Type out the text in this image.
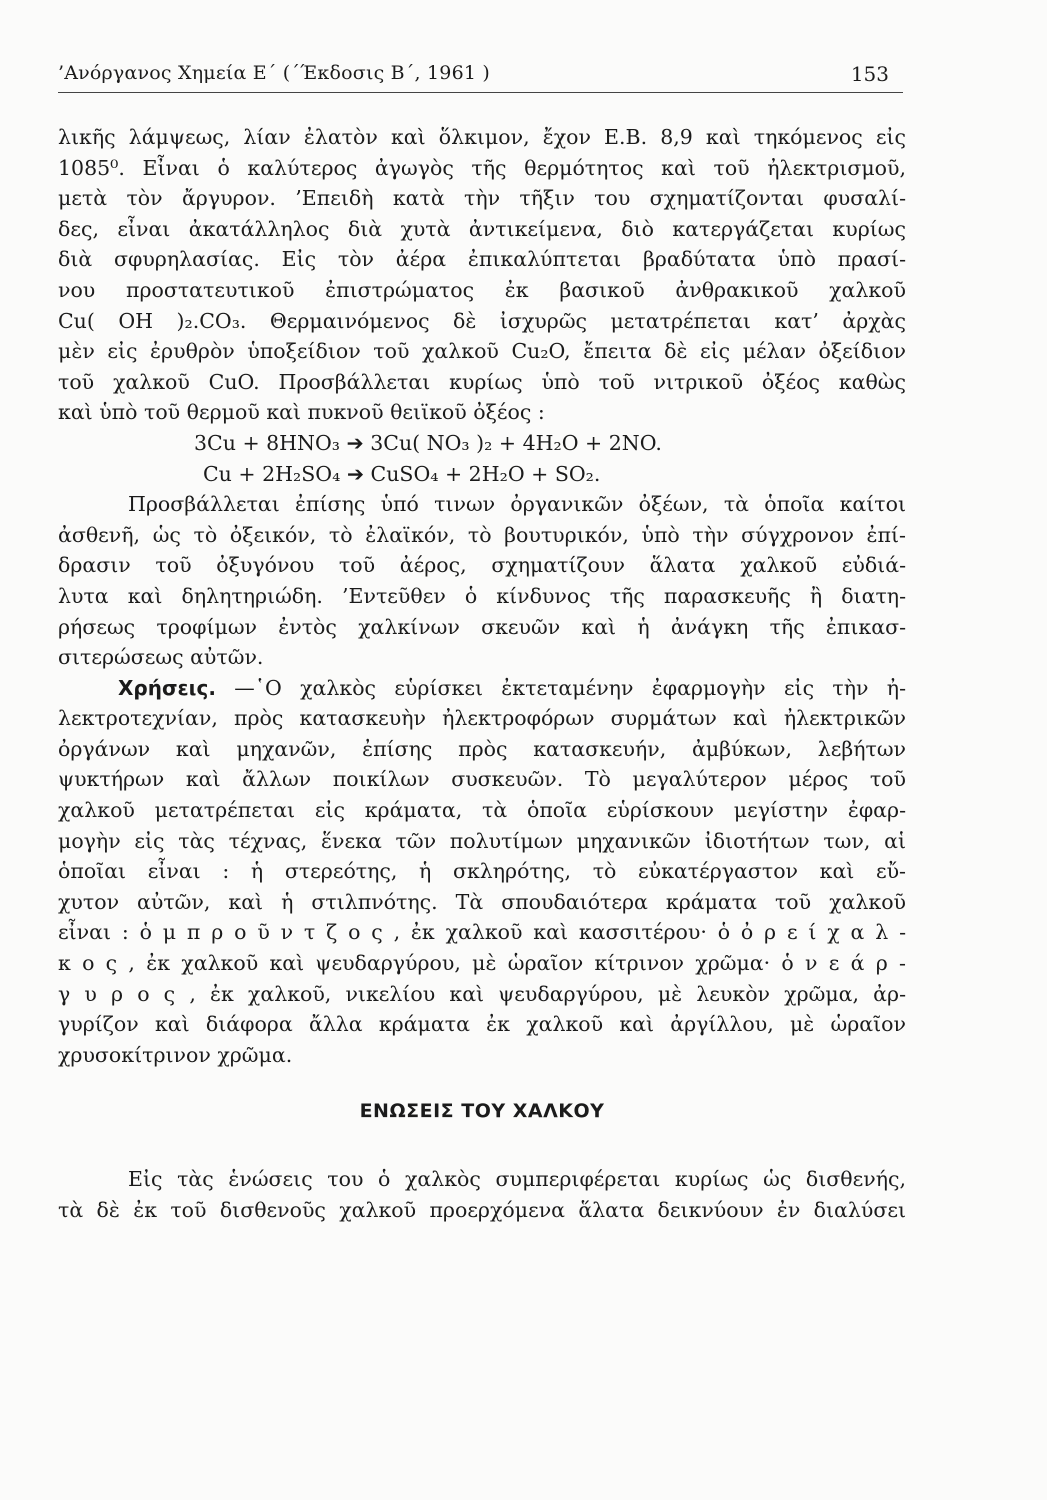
’Ανόργανος Χημεία Ε΄ (΄Έκδοσις Β΄, 1961 )	153
λικῆς λάμψεως, λίαν ἐλατὸν καὶ ὅλκιμον, ἔχον Ε.Β. 8,9 καὶ τηκόμενος εἰς
1085⁰. Εἶναι ὁ καλύτερος ἀγωγὸς τῆς θερμότητος καὶ τοῦ ἠλεκτρισμοῦ,
μετὰ τὸν ἄργυρον. ’Επειδὴ κατὰ τὴν τῆξιν του σχηματίζονται φυσαλί-
δες, εἶναι ἀκατάλληλος διὰ χυτὰ ἀντικείμενα, διὸ κατεργάζεται κυρίως
διὰ σφυρηλασίας. Εἰς τὸν ἀέρα ἐπικαλύπτεται βραδύτατα ὑπὸ πρασί-
νου προστατευτικοῦ ἐπιστρώματος ἐκ βασικοῦ ἀνθρακικοῦ χαλκοῦ
Cu( OH )₂.CO₃. Θερμαινόμενος δὲ ἰσχυρῶς μετατρέπεται κατ’ ἀρχὰς
μὲν εἰς ἐρυθρὸν ὑποξείδιον τοῦ χαλκοῦ Cu₂O, ἔπειτα δὲ εἰς μέλαν ὀξείδιον
τοῦ χαλκοῦ CuO. Προσβάλλεται κυρίως ὑπὸ τοῦ νιτρικοῦ ὀξέος καθὼς
καὶ ὑπὸ τοῦ θερμοῦ καὶ πυκνοῦ θειϊκοῦ ὀξέος :
3Cu + 8HNO₃ ➔ 3Cu( NO₃ )₂ + 4H₂O + 2NO.
Cu + 2H₂SO₄ ➔ CuSO₄ + 2H₂O + SO₂.
Προσβάλλεται ἐπίσης ὑπό τινων ὀργανικῶν ὀξέων, τὰ ὁποῖα καίτοι
ἀσθενῆ, ὡς τὸ ὀξεικόν, τὸ ἐλαϊκόν, τὸ βουτυρικόν, ὑπὸ τὴν σύγχρονον ἐπί-
δρασιν τοῦ ὀξυγόνου τοῦ ἀέρος, σχηματίζουν ἅλατα χαλκοῦ εὐδιά-
λυτα καὶ δηλητηριώδη. ’Εντεῦθεν ὁ κίνδυνος τῆς παρασκευῆς ἢ διατη-
ρήσεως τροφίμων ἐντὸς χαλκίνων σκευῶν καὶ ἡ ἀνάγκη τῆς ἐπικασ-
σιτερώσεως αὐτῶν.
Χρήσεις. —῾Ο χαλκὸς εὑρίσκει ἐκτεταμένην ἐφαρμογὴν εἰς τὴν ἠ-
λεκτροτεχνίαν, πρὸς κατασκευὴν ἠλεκτροφόρων συρμάτων καὶ ἠλεκτρικῶν
ὀργάνων καὶ μηχανῶν, ἐπίσης πρὸς κατασκευήν, ἀμβύκων, λεβήτων
ψυκτήρων καὶ ἄλλων ποικίλων συσκευῶν. Τὸ μεγαλύτερον μέρος τοῦ
χαλκοῦ μετατρέπεται εἰς κράματα, τὰ ὁποῖα εὑρίσκουν μεγίστην ἐφαρ-
μογὴν εἰς τὰς τέχνας, ἕνεκα τῶν πολυτίμων μηχανικῶν ἰδιοτήτων των, αἱ
ὁποῖαι εἶναι : ἡ στερεότης, ἡ σκληρότης, τὸ εὐκατέργαστον καὶ εὔ-
χυτον αὐτῶν, καὶ ἡ στιλπνότης. Τὰ σπουδαιότερα κράματα τοῦ χαλκοῦ
εἶναι : ὁ μ π ρ ο ῦ ν τ ζ ο ς , ἐκ χαλκοῦ καὶ κασσιτέρου· ὁ ὀ ρ ε ί χ α λ -
κ ο ς , ἐκ χαλκοῦ καὶ ψευδαργύρου, μὲ ὡραῖον κίτρινον χρῶμα· ὁ ν ε ά ρ -
γ υ ρ ο ς , ἐκ χαλκοῦ, νικελίου καὶ ψευδαργύρου, μὲ λευκὸν χρῶμα, ἀρ-
γυρίζον καὶ διάφορα ἄλλα κράματα ἐκ χαλκοῦ καὶ ἀργίλλου, μὲ ὡραῖον
χρυσοκίτρινον χρῶμα.
ΕΝΩΣΕΙΣ ΤΟΥ ΧΑΛΚΟΥ
Εἰς τὰς ἑνώσεις του ὁ χαλκὸς συμπεριφέρεται κυρίως ὡς δισθενής,
τὰ δὲ ἐκ τοῦ δισθενοῦς χαλκοῦ προερχόμενα ἅλατα δεικνύουν ἐν διαλύσει
